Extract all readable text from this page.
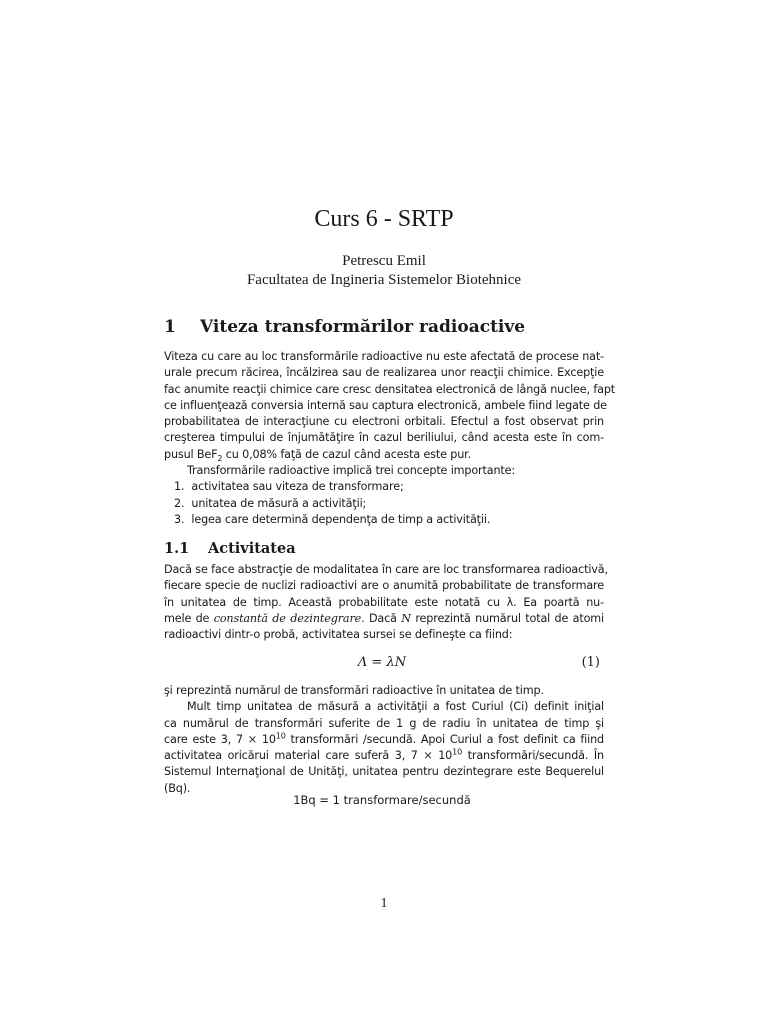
Curs 6 - SRTP
Petrescu Emil
Facultatea de Ingineria Sistemelor Biotehnice
1 Viteza transformărilor radioactive
Viteza cu care au loc transformările radioactive nu este afectată de procese nat-
urale precum răcirea, încălzirea sau de realizarea unor reacţii chimice. Excepţie
fac anumite reacţii chimice care cresc densitatea electronică de lângă nuclee, fapt
ce influenţează conversia internă sau captura electronică, ambele fiind legate de
probabilitatea de interacţiune cu electroni orbitali. Efectul a fost observat prin
creşterea timpului de înjumătăţire în cazul beriliului, când acesta este în com-
pusul BeF$_2$ cu 0,08% faţă de cazul când acesta este pur.
Transformările radioactive implică trei concepte importante:
1. activitatea sau viteza de transformare;
2. unitatea de măsură a activităţii;
3. legea care determină dependenţa de timp a activităţii.
1.1 Activitatea
Dacă se face abstracţie de modalitatea în care are loc transformarea radioactivă,
fiecare specie de nuclizi radioactivi are o anumită probabilitate de transformare
în unitatea de timp. Această probabilitate este notată cu λ. Ea poartă nu-
mele de constantă de dezintegrare. Dacă N reprezintă numărul total de atomi
radioactivi dintr-o probă, activitatea sursei se defineşte ca fiind:
Λ = λN	(1)
şi reprezintă numărul de transformări radioactive în unitatea de timp.
Mult timp unitatea de măsură a activităţii a fost Curiul (Ci) definit iniţial
ca numărul de transformări suferite de 1 g de radiu în unitatea de timp şi
care este 3, $7 \times 10^{10}$ transformări /secundă. Apoi Curiul a fost definit ca fiind
activitatea oricărui material care suferă 3, $7 \times 10^{10}$ transformări/secundă. În
Sistemul Internaţional de Unităţi, unitatea pentru dezintegrare este Bequerelul
(Bq).
1Bq = 1 transformare/secundă
1
